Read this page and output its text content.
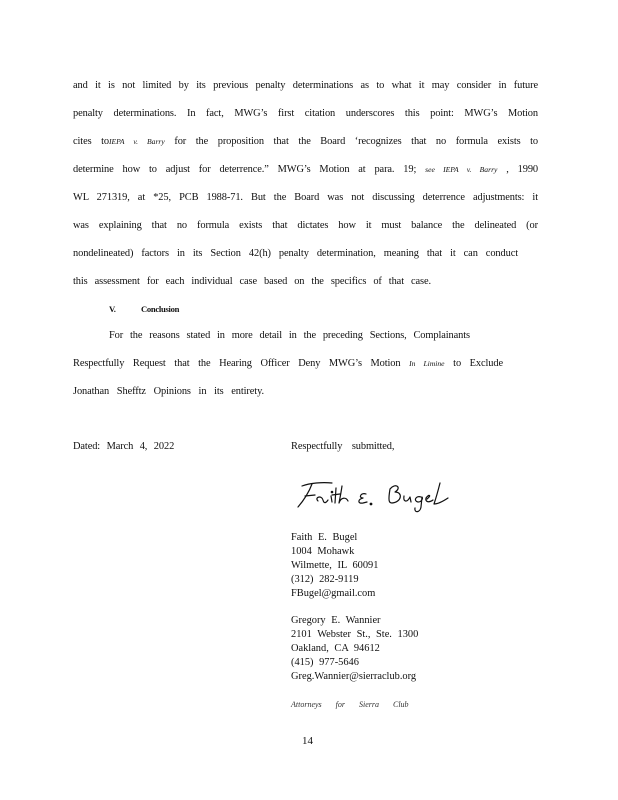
and it is not limited by its previous penalty determinations as to what it may consider in future
penalty determinations. In fact, MWG’s first citation underscores this point: MWG’s Motion
cites toIEPA v. Barry for the proposition that the Board ‘recognizes that no formula exists to
determine how to adjust for deterrence.” MWG’s Motion at para. 19; see IEPA v. Barry , 1990
WL 271319, at *25, PCB 1988-71. But the Board was not discussing deterrence adjustments: it
was explaining that no formula exists that dictates how it must balance the delineated (or
nondelineated) factors in its Section 42(h) penalty determination, meaning that it can conduct
this assessment for each individual case based on the specifics of that case.
V.	Conclusion
For the reasons stated in more detail in the preceding Sections, Complainants
Respectfully Request that the Hearing Officer Deny MWG’s Motion In Limine to Exclude
Jonathan Shefftz Opinions in its entirety.
Dated: March 4, 2022	Respectfully submitted,
Faith E. Bugel
1004 Mohawk
Wilmette, IL 60091
(312) 282-9119
FBugel@gmail.com
Gregory E. Wannier
2101 Webster St., Ste. 1300
Oakland, CA 94612
(415) 977-5646
Greg.Wannier@sierraclub.org
Attorneys for Sierra Club
14
